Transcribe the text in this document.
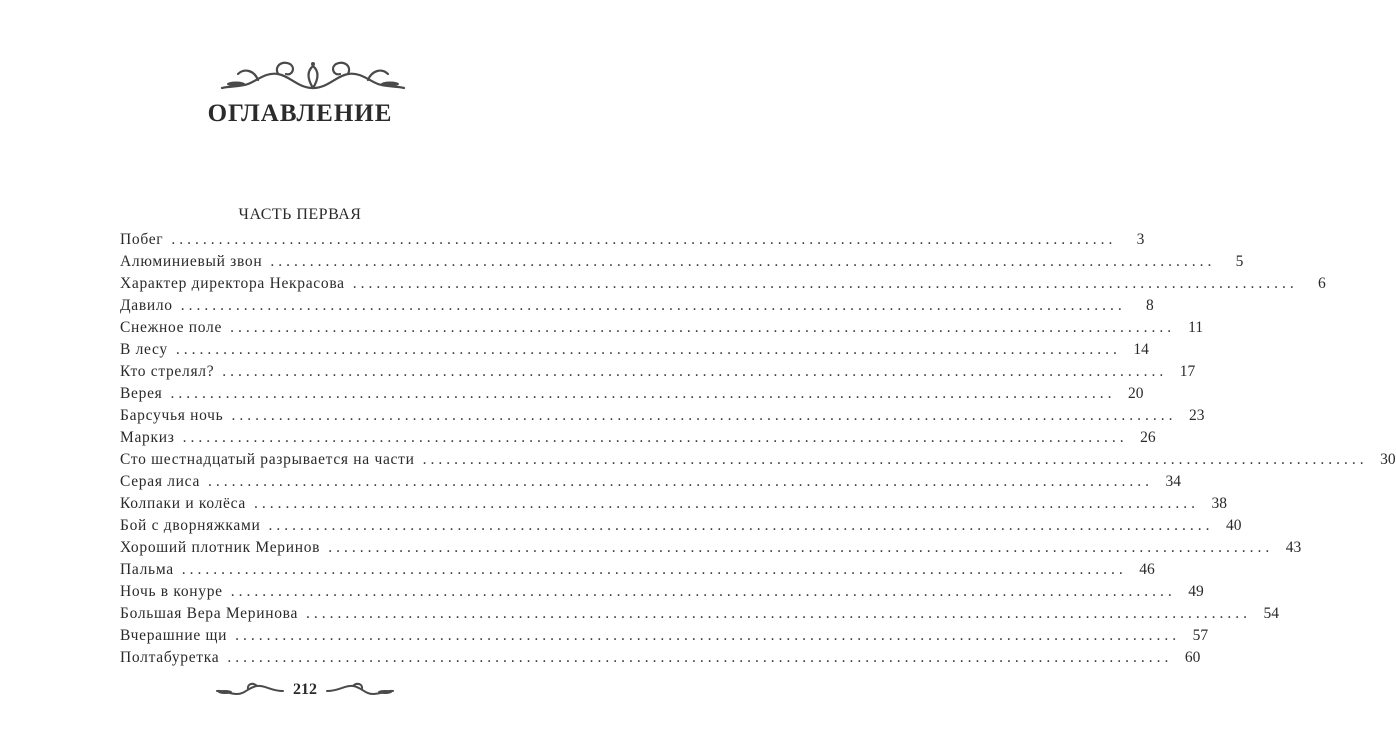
ОГЛАВЛЕНИЕ
ЧАСТЬ ПЕРВАЯ
Побег ........................................................................................................................	3
Алюминиевый звон ........................................................................................................................	5
Характер директора Некрасова ........................................................................................................................	6
Давило ........................................................................................................................	8
Снежное поле ........................................................................................................................ 11
В лесу ........................................................................................................................ 14
Кто стрелял? ........................................................................................................................ 17
Верея ........................................................................................................................ 20
Барсучья ночь ........................................................................................................................ 23
Маркиз ........................................................................................................................ 26
Сто шестнадцатый разрывается на части ........................................................................................................................ 30
Серая лиса ........................................................................................................................ 34
Колпаки и колёса ........................................................................................................................ 38
Бой с дворняжками ........................................................................................................................ 40
Хороший плотник Меринов ........................................................................................................................ 43
Пальма ........................................................................................................................ 46
Ночь в конуре ........................................................................................................................ 49
Большая Вера Меринова ........................................................................................................................ 54
Вчерашние щи ........................................................................................................................ 57
Полтабуретка ........................................................................................................................ 60
212
